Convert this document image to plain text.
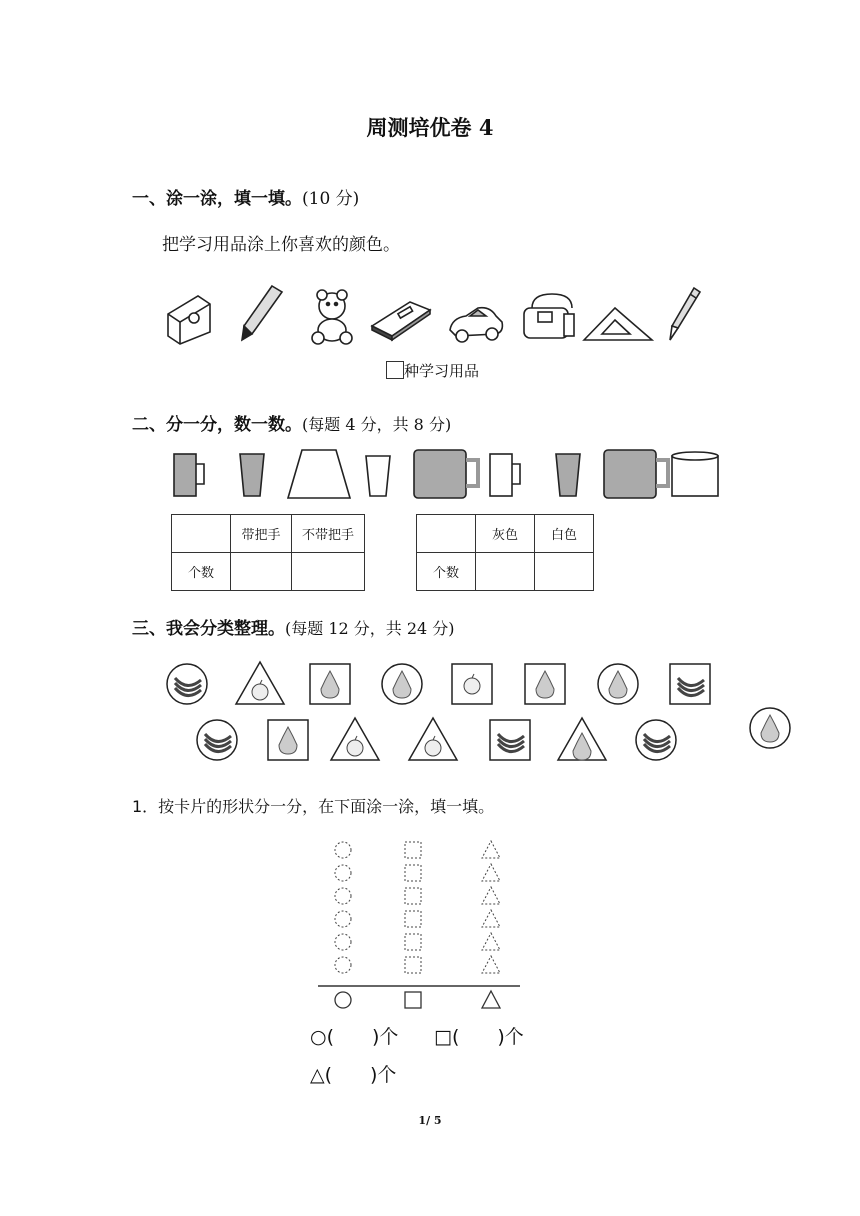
周测培优卷 4
一、涂一涂，填一填。(10 分)
把学习用品涂上你喜欢的颜色。
种学习用品
二、分一分，数一数。(每题 4 分，共 8 分)
	带把手	不带把手
个数		
	灰色	白色
个数		
三、我会分类整理。(每题 12 分，共 24 分)
1．按卡片的形状分一分，在下面涂一涂，填一填。
○(　　)个 □(　　)个
△(　　)个
1/ 5
